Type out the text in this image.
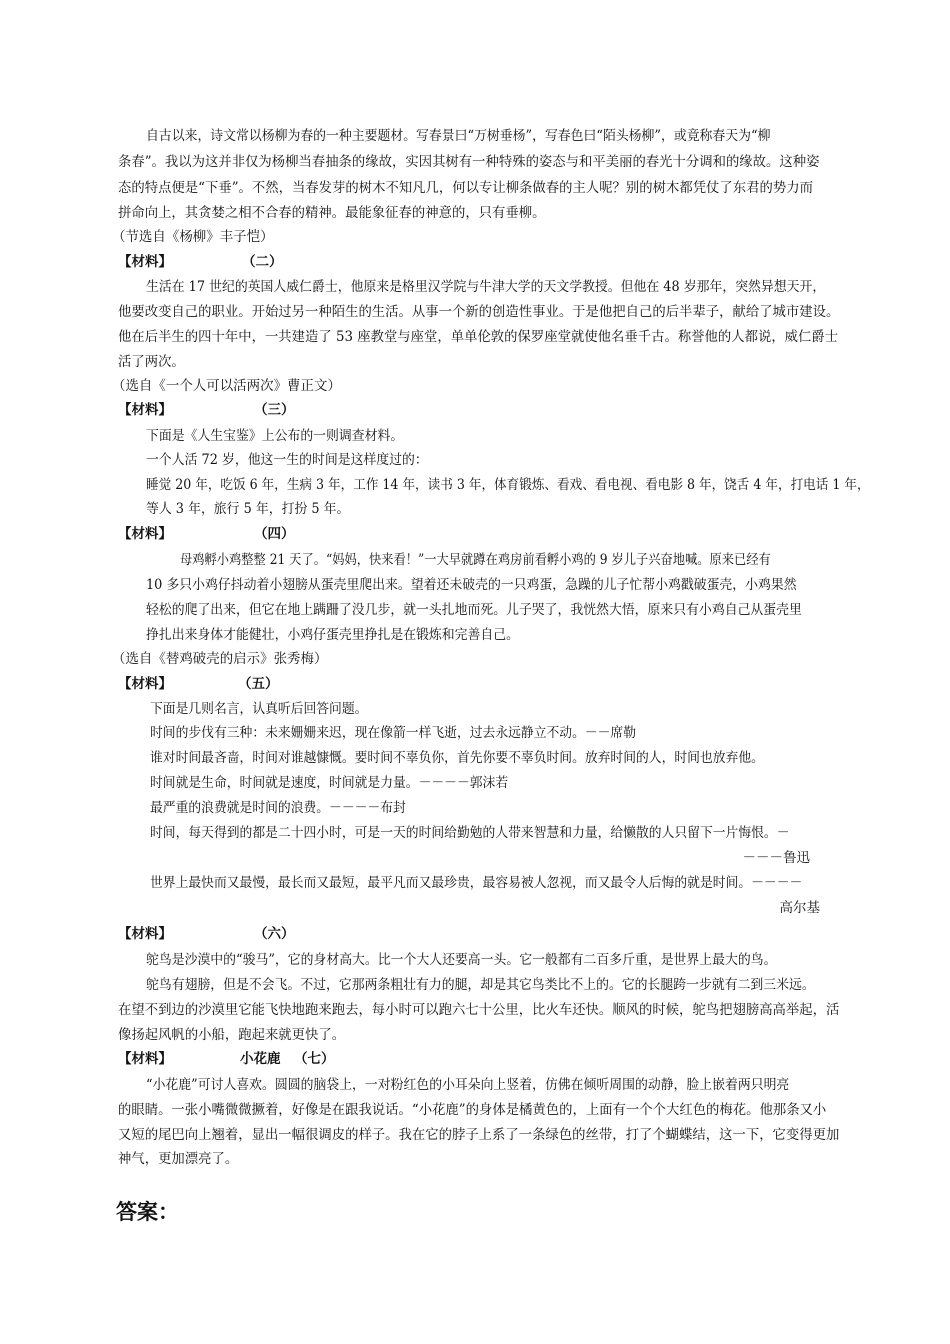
自古以来，诗文常以杨柳为春的一种主要题材。写春景曰“万树垂杨”，写春色曰“陌头杨柳”，或竟称春天为“柳
条春”。我以为这并非仅为杨柳当春抽条的缘故，实因其树有一种特殊的姿态与和平美丽的春光十分调和的缘故。这种姿
态的特点便是“下垂”。不然，当春发芽的树木不知凡几，何以专让柳条做春的主人呢？别的树木都凭仗了东君的势力而
拼命向上，其贪婪之相不合春的精神。最能象征春的神意的，只有垂柳。
（节选自《杨柳》丰子恺）
【材料】	（二）
生活在 17 世纪的英国人威仁爵士，他原来是格里汉学院与牛津大学的天文学教授。但他在 48 岁那年，突然异想天开，
他要改变自己的职业。开始过另一种陌生的生活。从事一个新的创造性事业。于是他把自己的后半辈子，献给了城市建设。
他在后半生的四十年中，一共建造了 53 座教堂与座堂，单单伦敦的保罗座堂就使他名垂千古。称誉他的人都说，威仁爵士
活了两次。
（选自《一个人可以活两次》曹正文）
【材料】	（三）
下面是《人生宝鉴》上公布的一则调查材料。
一个人活 72 岁，他这一生的时间是这样度过的：
睡觉 20 年，吃饭 6 年，生病 3 年，工作 14 年，读书 3 年，体育锻炼、看戏、看电视、看电影 8 年，饶舌 4 年，打电话 1 年，
等人 3 年，旅行 5 年，打扮 5 年。
【材料】	（四）
母鸡孵小鸡整整 21 天了。“妈妈，快来看！”一大早就蹲在鸡房前看孵小鸡的 9 岁儿子兴奋地喊。原来已经有
10 多只小鸡仔抖动着小翅膀从蛋壳里爬出来。望着还未破壳的一只鸡蛋，急躁的儿子忙帮小鸡戳破蛋壳，小鸡果然
轻松的爬了出来，但它在地上蹒跚了没几步，就一头扎地而死。儿子哭了，我恍然大悟，原来只有小鸡自己从蛋壳里
挣扎出来身体才能健壮，小鸡仔蛋壳里挣扎是在锻炼和完善自己。
（选自《替鸡破壳的启示》张秀梅）
【材料】	（五）
下面是几则名言，认真听后回答问题。
时间的步伐有三种：未来姗姗来迟，现在像箭一样飞逝，过去永远静立不动。－－席勒
谁对时间最吝啬，时间对谁越慷慨。要时间不辜负你，首先你要不辜负时间。放弃时间的人，时间也放弃他。
时间就是生命，时间就是速度，时间就是力量。－－－－郭沫若
最严重的浪费就是时间的浪费。－－－－布封
时间，每天得到的都是二十四小时，可是一天的时间给勤勉的人带来智慧和力量，给懒散的人只留下一片悔恨。－
－－－鲁迅
世界上最快而又最慢，最长而又最短，最平凡而又最珍贵，最容易被人忽视，而又最令人后悔的就是时间。－－－－
高尔基
【材料】	（六）
鸵鸟是沙漠中的“骏马”，它的身材高大。比一个大人还要高一头。它一般都有二百多斤重，是世界上最大的鸟。
鸵鸟有翅膀，但是不会飞。不过，它那两条粗壮有力的腿，却是其它鸟类比不上的。它的长腿跨一步就有二到三米远。
在望不到边的沙漠里它能飞快地跑来跑去，每小时可以跑六七十公里，比火车还快。顺风的时候，鸵鸟把翅膀高高举起，活
像扬起风帆的小船，跑起来就更快了。
【材料】	小花鹿 （七）
“小花鹿”可讨人喜欢。圆圆的脑袋上，一对粉红色的小耳朵向上竖着，仿佛在倾听周围的动静，脸上嵌着两只明亮
的眼睛。一张小嘴微微撅着，好像是在跟我说话。“小花鹿”的身体是橘黄色的，上面有一个个大红色的梅花。他那条又小
又短的尾巴向上翘着，显出一幅很调皮的样子。我在它的脖子上系了一条绿色的丝带，打了个蝴蝶结，这一下，它变得更加
神气，更加漂亮了。
答案：
